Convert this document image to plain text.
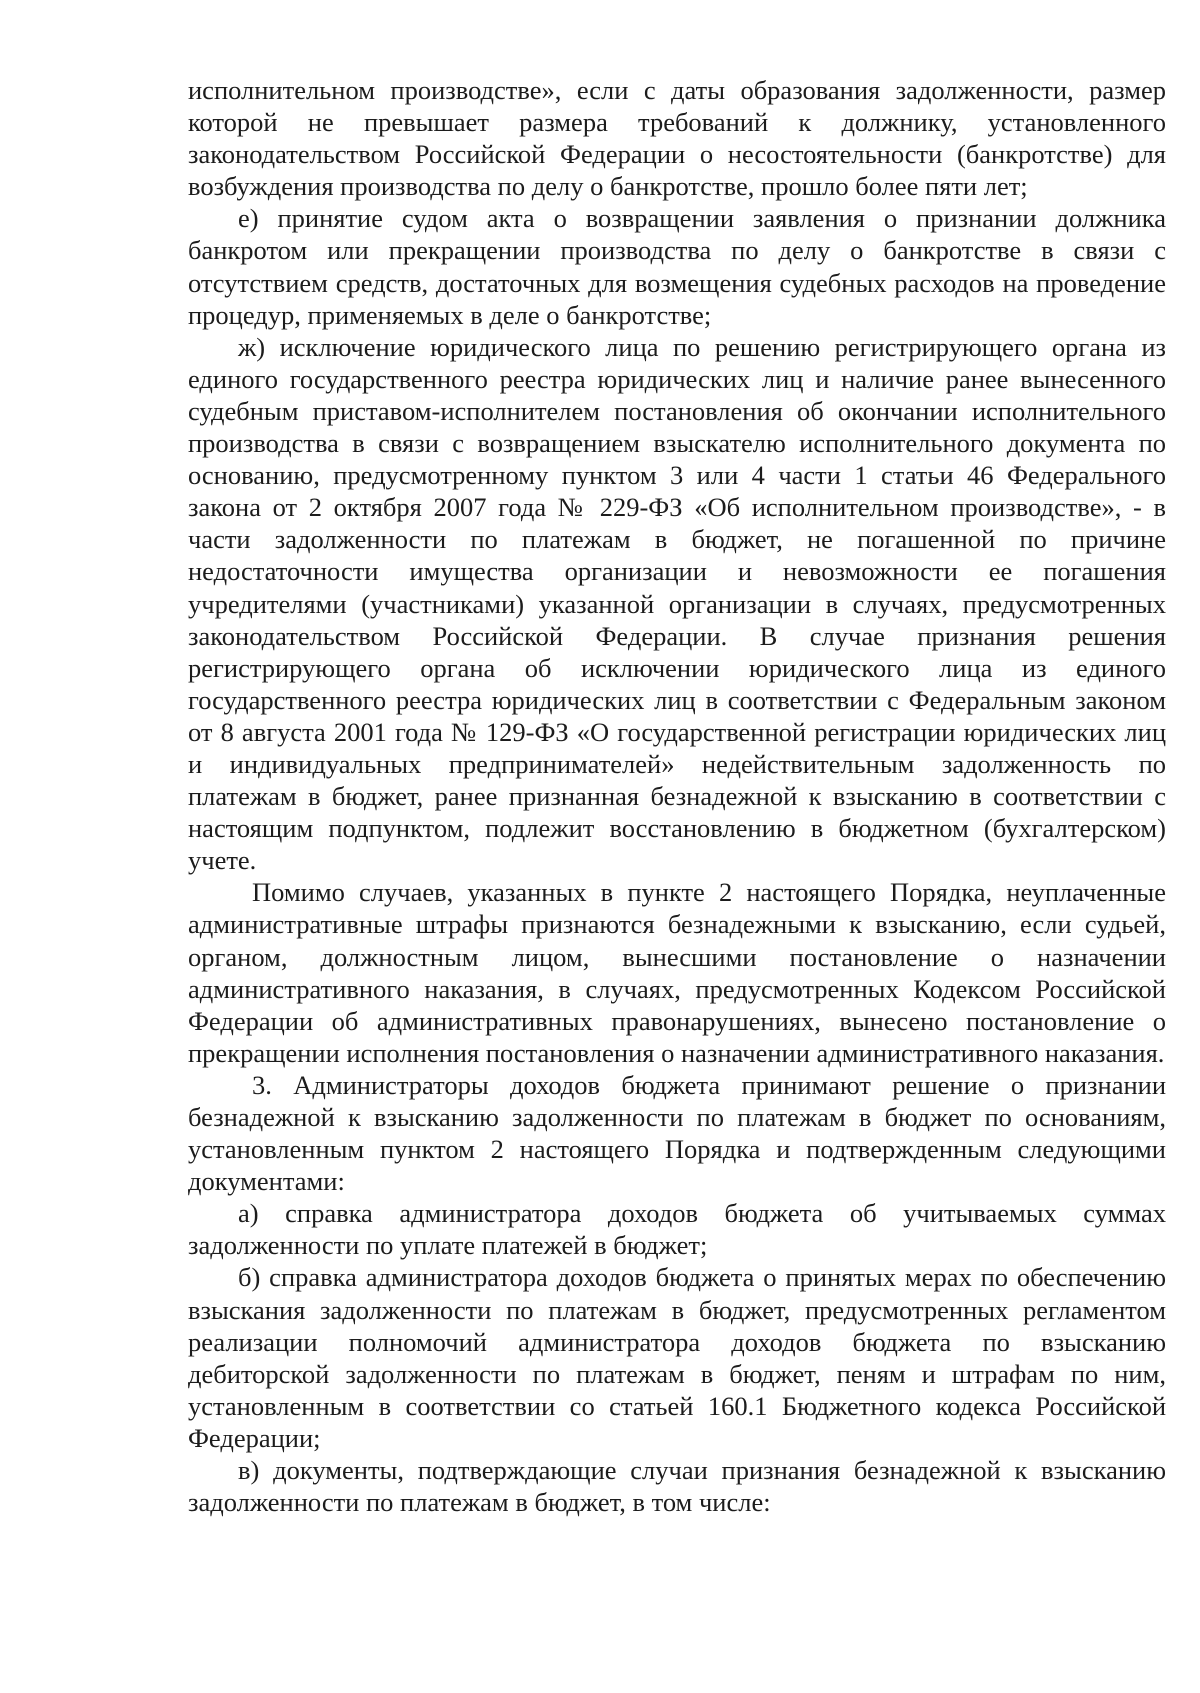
исполнительном производстве», если с даты образования задолженности, размер которой не превышает размера требований к должнику, установленного законодательством Российской Федерации о несостоятельности (банкротстве) для возбуждения производства по делу о банкротстве, прошло более пяти лет;

е) принятие судом акта о возвращении заявления о признании должника банкротом или прекращении производства по делу о банкротстве в связи с отсутствием средств, достаточных для возмещения судебных расходов на проведение процедур, применяемых в деле о банкротстве;

ж) исключение юридического лица по решению регистрирующего органа из единого государственного реестра юридических лиц и наличие ранее вынесенного судебным приставом-исполнителем постановления об окончании исполнительного производства в связи с возвращением взыскателю исполнительного документа по основанию, предусмотренному пунктом 3 или 4 части 1 статьи 46 Федерального закона от 2 октября 2007 года № 229-ФЗ «Об исполнительном производстве», - в части задолженности по платежам в бюджет, не погашенной по причине недостаточности имущества организации и невозможности ее погашения учредителями (участниками) указанной организации в случаях, предусмотренных законодательством Российской Федерации. В случае признания решения регистрирующего органа об исключении юридического лица из единого государственного реестра юридических лиц в соответствии с Федеральным законом от 8 августа 2001 года № 129-ФЗ «О государственной регистрации юридических лиц и индивидуальных предпринимателей» недействительным задолженность по платежам в бюджет, ранее признанная безнадежной к взысканию в соответствии с настоящим подпунктом, подлежит восстановлению в бюджетном (бухгалтерском) учете.

Помимо случаев, указанных в пункте 2 настоящего Порядка, неуплаченные административные штрафы признаются безнадежными к взысканию, если судьей, органом, должностным лицом, вынесшими постановление о назначении административного наказания, в случаях, предусмотренных Кодексом Российской Федерации об административных правонарушениях, вынесено постановление о прекращении исполнения постановления о назначении административного наказания.

3. Администраторы доходов бюджета принимают решение о признании безнадежной к взысканию задолженности по платежам в бюджет по основаниям, установленным пунктом 2 настоящего Порядка и подтвержденным следующими документами:

а) справка администратора доходов бюджета об учитываемых суммах задолженности по уплате платежей в бюджет;

б) справка администратора доходов бюджета о принятых мерах по обеспечению взыскания задолженности по платежам в бюджет, предусмотренных регламентом реализации полномочий администратора доходов бюджета по взысканию дебиторской задолженности по платежам в бюджет, пеням и штрафам по ним, установленным в соответствии со статьей 160.1 Бюджетного кодекса Российской Федерации;

в) документы, подтверждающие случаи признания безнадежной к взысканию задолженности по платежам в бюджет, в том числе:
